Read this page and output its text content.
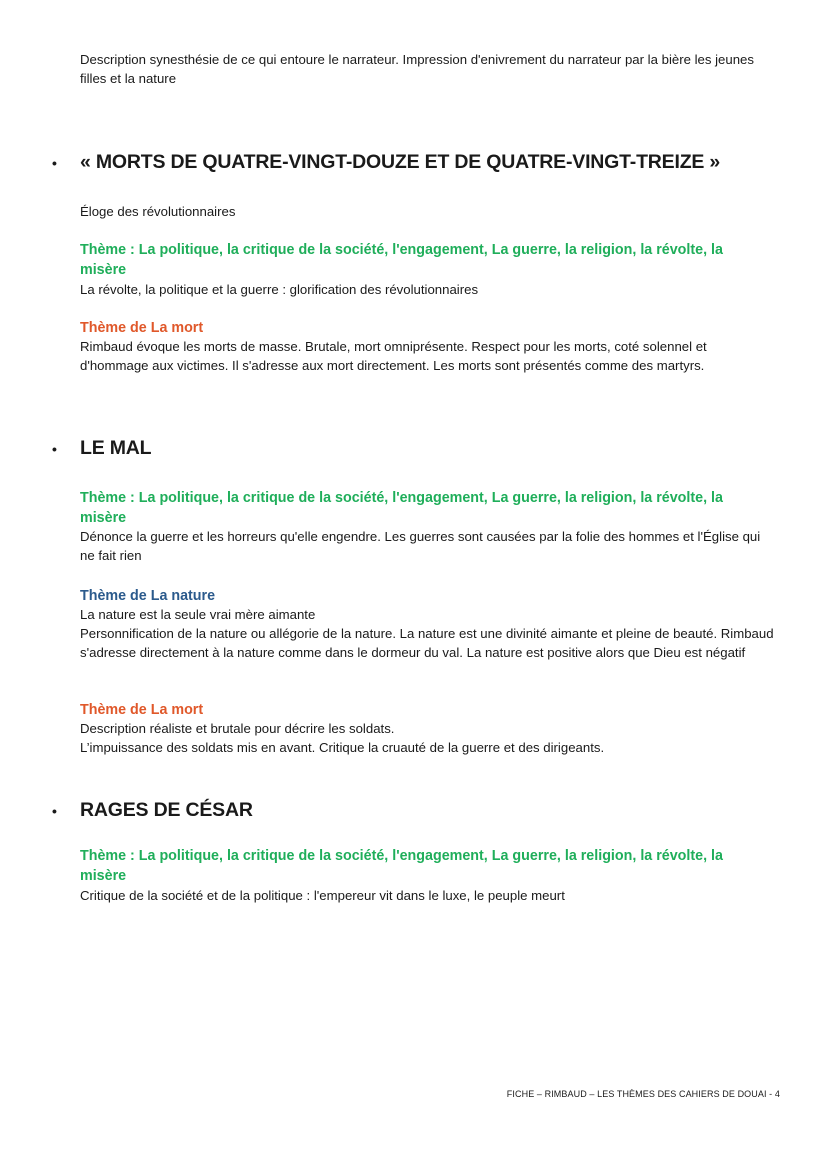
Description synesthésie de ce qui entoure le narrateur. Impression d'enivrement du narrateur par la bière les jeunes filles et la nature

•	« MORTS DE QUATRE-VINGT-DOUZE ET DE QUATRE-VINGT-TREIZE »

Éloge des révolutionnaires

Thème : La politique, la critique de la société, l'engagement, La guerre, la religion, la révolte, la misère

La révolte, la politique et la guerre : glorification des révolutionnaires

Thème de La mort

Rimbaud évoque les morts de masse. Brutale, mort omniprésente. Respect pour les morts, coté solennel et d'hommage aux victimes. Il s'adresse aux mort directement. Les morts sont présentés comme des martyrs.

•	LE MAL

Thème : La politique, la critique de la société, l'engagement, La guerre, la religion, la révolte, la misère

Dénonce la guerre et les horreurs qu'elle engendre. Les guerres sont causées par la folie des hommes et l'Église qui ne fait rien

Thème de La nature

La nature est la seule vrai mère aimante

Personnification de la nature ou allégorie de la nature. La nature est une divinité aimante et pleine de beauté. Rimbaud s'adresse directement à la nature comme dans le dormeur du val. La nature est positive alors que Dieu est négatif

Thème de La mort

Description réaliste et brutale pour décrire les soldats.

L’impuissance des soldats mis en avant. Critique la cruauté de la guerre et des dirigeants.

•	RAGES DE CÉSAR

Thème : La politique, la critique de la société, l'engagement, La guerre, la religion, la révolte, la misère

Critique de la société et de la politique : l'empereur vit dans le luxe, le peuple meurt

FICHE – RIMBAUD – LES THÈMES DES CAHIERS DE DOUAI - 4
